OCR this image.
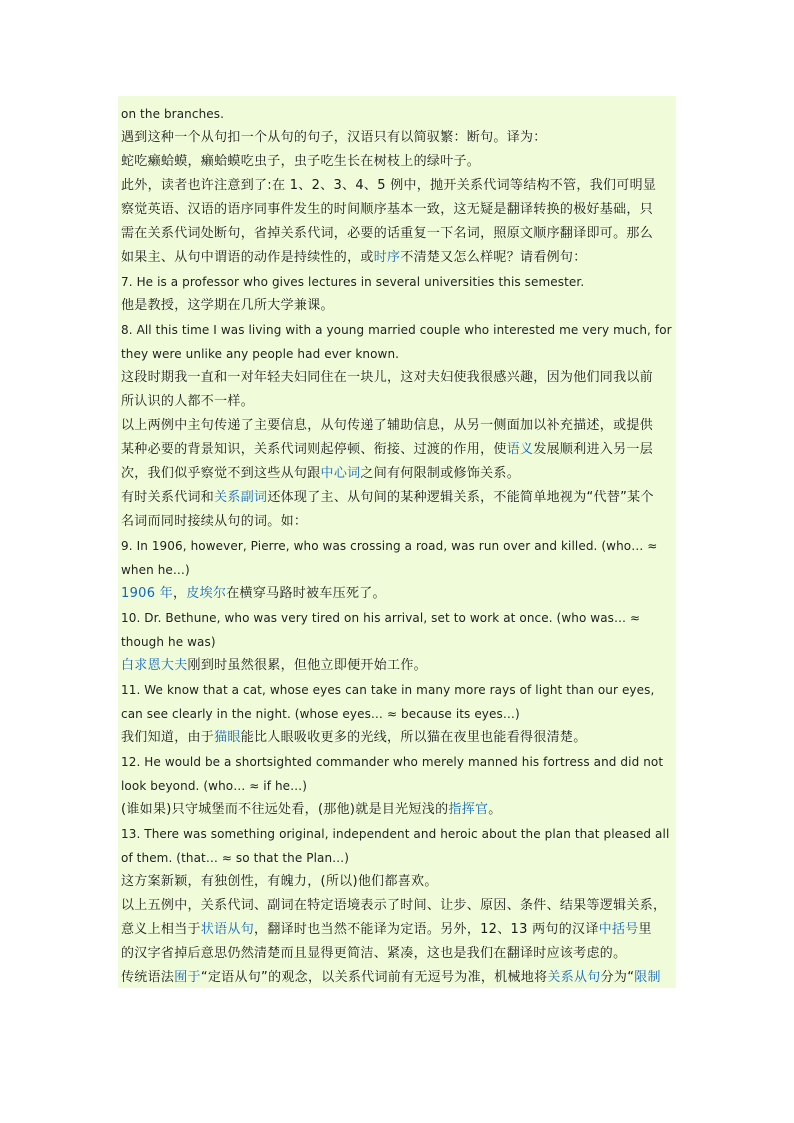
on the branches.
遇到这种一个从句扣一个从句的句子，汉语只有以简驭繁：断句。译为：
蛇吃癞蛤蟆，癞蛤蟆吃虫子，虫子吃生长在树枝上的绿叶子。
此外，读者也许注意到了:在 1、2、3、4、5 例中，抛开关系代词等结构不管，我们可明显
察觉英语、汉语的语序同事件发生的时间顺序基本一致，这无疑是翻译转换的极好基础，只
需在关系代词处断句，省掉关系代词，必要的话重复一下名词，照原文顺序翻译即可。那么
如果主、从句中谓语的动作是持续性的，或时序不清楚又怎么样呢？请看例句：
7. He is a professor who gives lectures in several universities this semester.
他是教授，这学期在几所大学兼课。
8. All this time I was living with a young married couple who interested me very much, for
they were unlike any people had ever known.
这段时期我一直和一对年轻夫妇同住在一块儿，这对夫妇使我很感兴趣，因为他们同我以前
所认识的人都不一样。
以上两例中主句传递了主要信息，从句传递了辅助信息，从另一侧面加以补充描述，或提供
某种必要的背景知识，关系代词则起停顿、衔接、过渡的作用，使语义发展顺利进入另一层
次，我们似乎察觉不到这些从句跟中心词之间有何限制或修饰关系。
有时关系代词和关系副词还体现了主、从句间的某种逻辑关系，不能简单地视为“代替”某个
名词而同时接续从句的词。如：
9. In 1906, however, Pierre, who was crossing a road, was run over and killed. (who… ≈
when he…)
1906 年，皮埃尔在横穿马路时被车压死了。
10. Dr. Bethune, who was very tired on his arrival, set to work at once. (who was… ≈
though he was)
白求恩大夫刚到时虽然很累，但他立即便开始工作。
11. We know that a cat, whose eyes can take in many more rays of light than our eyes,
can see clearly in the night. (whose eyes… ≈ because its eyes…)
我们知道，由于猫眼能比人眼吸收更多的光线，所以猫在夜里也能看得很清楚。
12. He would be a shortsighted commander who merely manned his fortress and did not
look beyond. (who… ≈ if he…)
(谁如果)只守城堡而不往远处看，(那他)就是目光短浅的指挥官。
13. There was something original, independent and heroic about the plan that pleased all
of them. (that… ≈ so that the Plan…)
这方案新颖，有独创性，有魄力，(所以)他们都喜欢。
以上五例中，关系代词、副词在特定语境表示了时间、让步、原因、条件、结果等逻辑关系，
意义上相当于状语从句，翻译时也当然不能译为定语。另外，12、13 两句的汉译中括号里
的汉字省掉后意思仍然清楚而且显得更简洁、紧凑，这也是我们在翻译时应该考虑的。
传统语法囿于“定语从句”的观念，以关系代词前有无逗号为准，机械地将关系从句分为“限制
